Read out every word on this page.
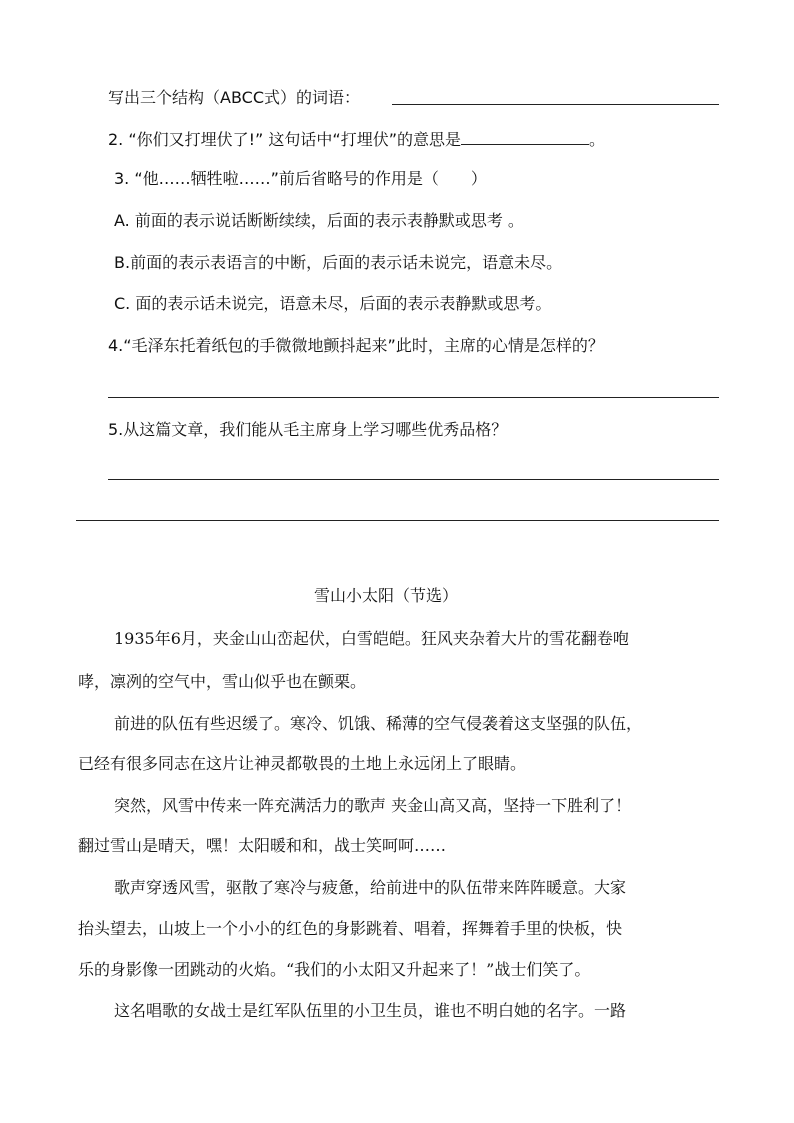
写出三个结构（ABCC式）的词语：
2. “你们又打埋伏了!” 这句话中“打埋伏”的意思是	。
3. “他……牺牲啦……”前后省略号的作用是（　　）
A. 前面的表示说话断断续续，后面的表示表静默或思考 。
B.前面的表示表语言的中断，后面的表示话未说完，语意未尽。
C. 面的表示话未说完，语意未尽，后面的表示表静默或思考。
4.“毛泽东托着纸包的手微微地颤抖起来”此时，主席的心情是怎样的？
5.从这篇文章，我们能从毛主席身上学习哪些优秀品格？
雪山小太阳（节选）
1935年6月，夹金山山峦起伏，白雪皑皑。狂风夹杂着大片的雪花翻卷咆
哮，凛冽的空气中，雪山似乎也在颤栗。
前进的队伍有些迟缓了。寒冷、饥饿、稀薄的空气侵袭着这支坚强的队伍，
已经有很多同志在这片让神灵都敬畏的土地上永远闭上了眼睛。
突然，风雪中传来一阵充满活力的歌声 夹金山高又高，坚持一下胜利了！
翻过雪山是晴天，嘿！太阳暖和和，战士笑呵呵……
歌声穿透风雪，驱散了寒冷与疲惫，给前进中的队伍带来阵阵暖意。大家
抬头望去，山坡上一个小小的红色的身影跳着、唱着，挥舞着手里的快板，快
乐的身影像一团跳动的火焰。“我们的小太阳又升起来了！”战士们笑了。
这名唱歌的女战士是红军队伍里的小卫生员，谁也不明白她的名字。一路
